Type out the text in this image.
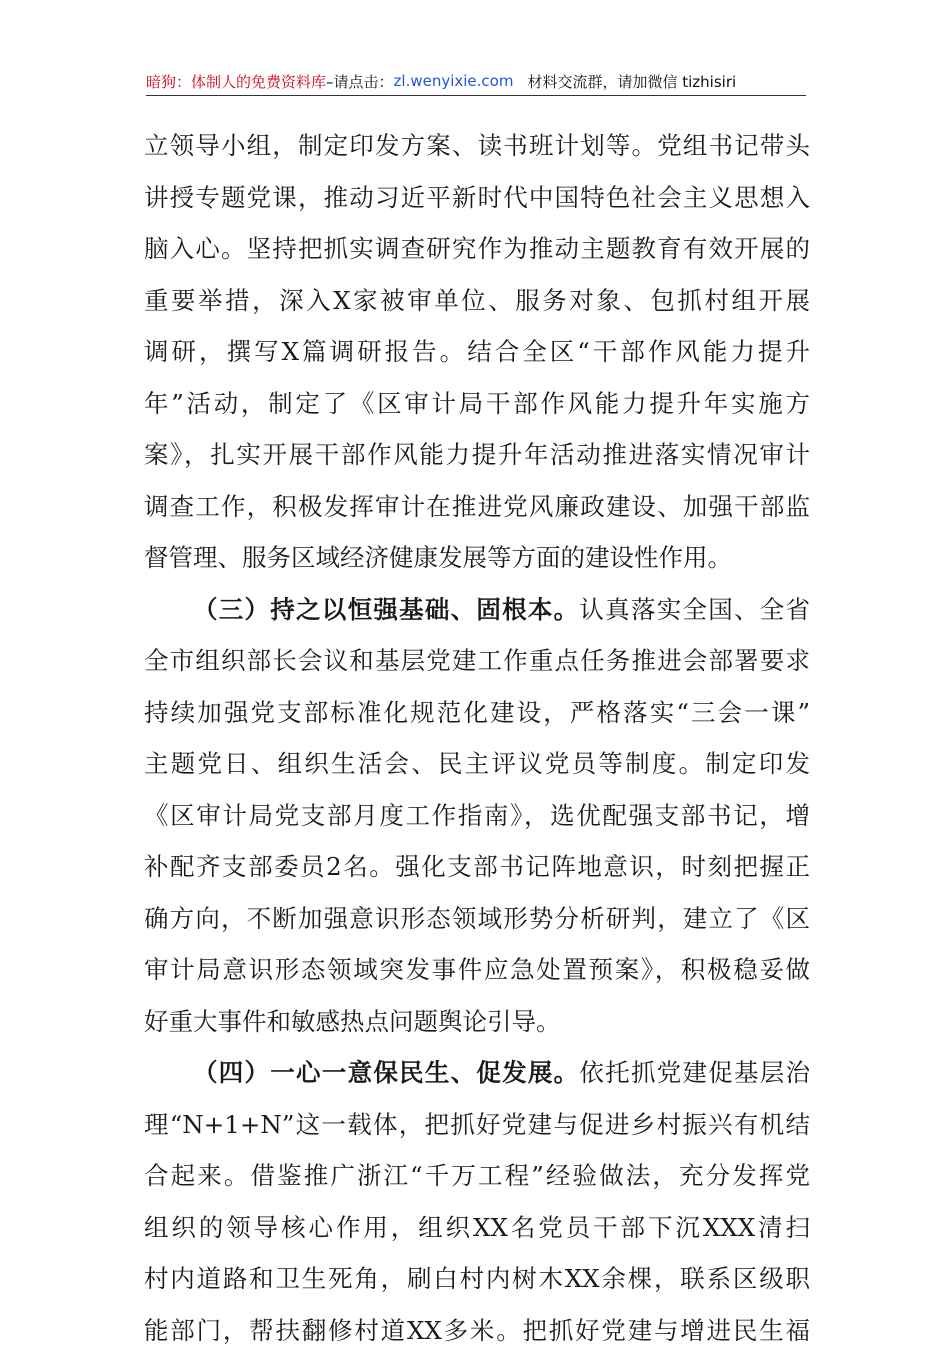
暗狗：体制人的免费资料库 –请点击： zl.wenyixie.com 材料交流群，请加微信 tizhisiri
立领导小组，制定印发方案、读书班计划等。党组书记带头
讲授专题党课，推动习近平新时代中国特色社会主义思想入
脑入心。坚持把抓实调查研究作为推动主题教育有效开展的
重要举措，深入X家被审单位、服务对象、包抓村组开展
调研，撰写X篇调研报告。结合全区“干部作风能力提升
年”活动，制定了《区审计局干部作风能力提升年实施方
案》，扎实开展干部作风能力提升年活动推进落实情况审计
调查工作，积极发挥审计在推进党风廉政建设、加强干部监
督管理、服务区域经济健康发展等方面的建设性作用。
（三）持之以恒强基础、固根本。认真落实全国、全省
全市组织部长会议和基层党建工作重点任务推进会部署要求
持续加强党支部标准化规范化建设，严格落实“三会一课”
主题党日、组织生活会、民主评议党员等制度。制定印发
《区审计局党支部月度工作指南》，选优配强支部书记，增
补配齐支部委员2名。强化支部书记阵地意识，时刻把握正
确方向，不断加强意识形态领域形势分析研判，建立了《区
审计局意识形态领域突发事件应急处置预案》，积极稳妥做
好重大事件和敏感热点问题舆论引导。
（四）一心一意保民生、促发展。依托抓党建促基层治
理“N+1+N”这一载体，把抓好党建与促进乡村振兴有机结
合起来。借鉴推广浙江“千万工程”经验做法，充分发挥党
组织的领导核心作用，组织XX名党员干部下沉XXX清扫
村内道路和卫生死角，刷白村内树木XX余棵，联系区级职
能部门，帮扶翻修村道XX多米。把抓好党建与增进民生福
